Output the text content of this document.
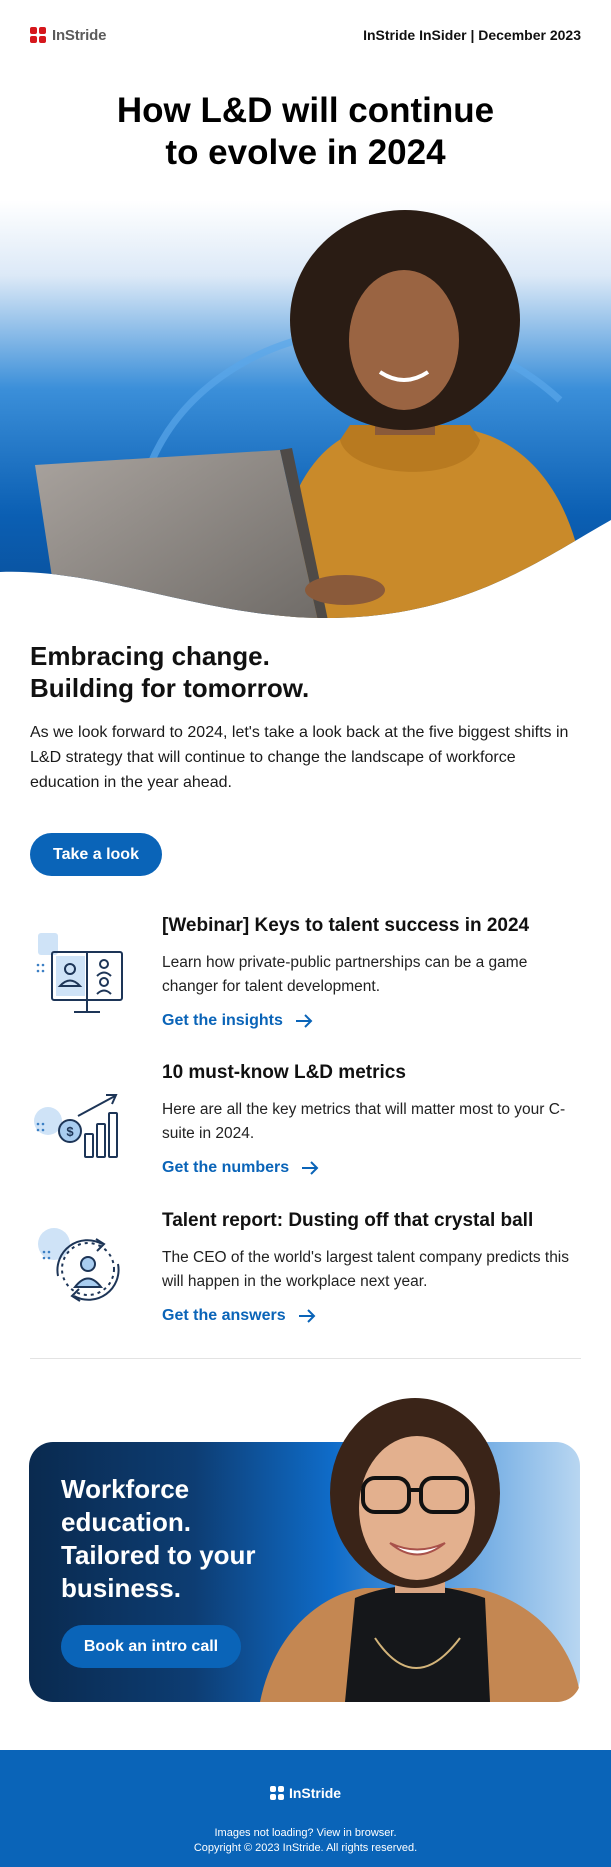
InStride	InStride InSider | December 2023
How L&D will continue
to evolve in 2024
Embracing change.
Building for tomorrow.

As we look forward to 2024, let's take a look back at the five biggest shifts in L&D strategy that will continue to change the landscape of workforce education in the year ahead.

Take a look
[Webinar] Keys to talent success in 2024
Learn how private-public partnerships can be a game changer for talent development.
Get the insights
$
10 must-know L&D metrics
Here are all the key metrics that will matter most to your C-suite in 2024.
Get the numbers
Talent report: Dusting off that crystal ball
The CEO of the world's largest talent company predicts this will happen in the workplace next year.
Get the answers
Workforce
education.
Tailored to your
business.
Book an intro call
InStride
Images not loading? View in browser.
Copyright © 2023 InStride. All rights reserved.
